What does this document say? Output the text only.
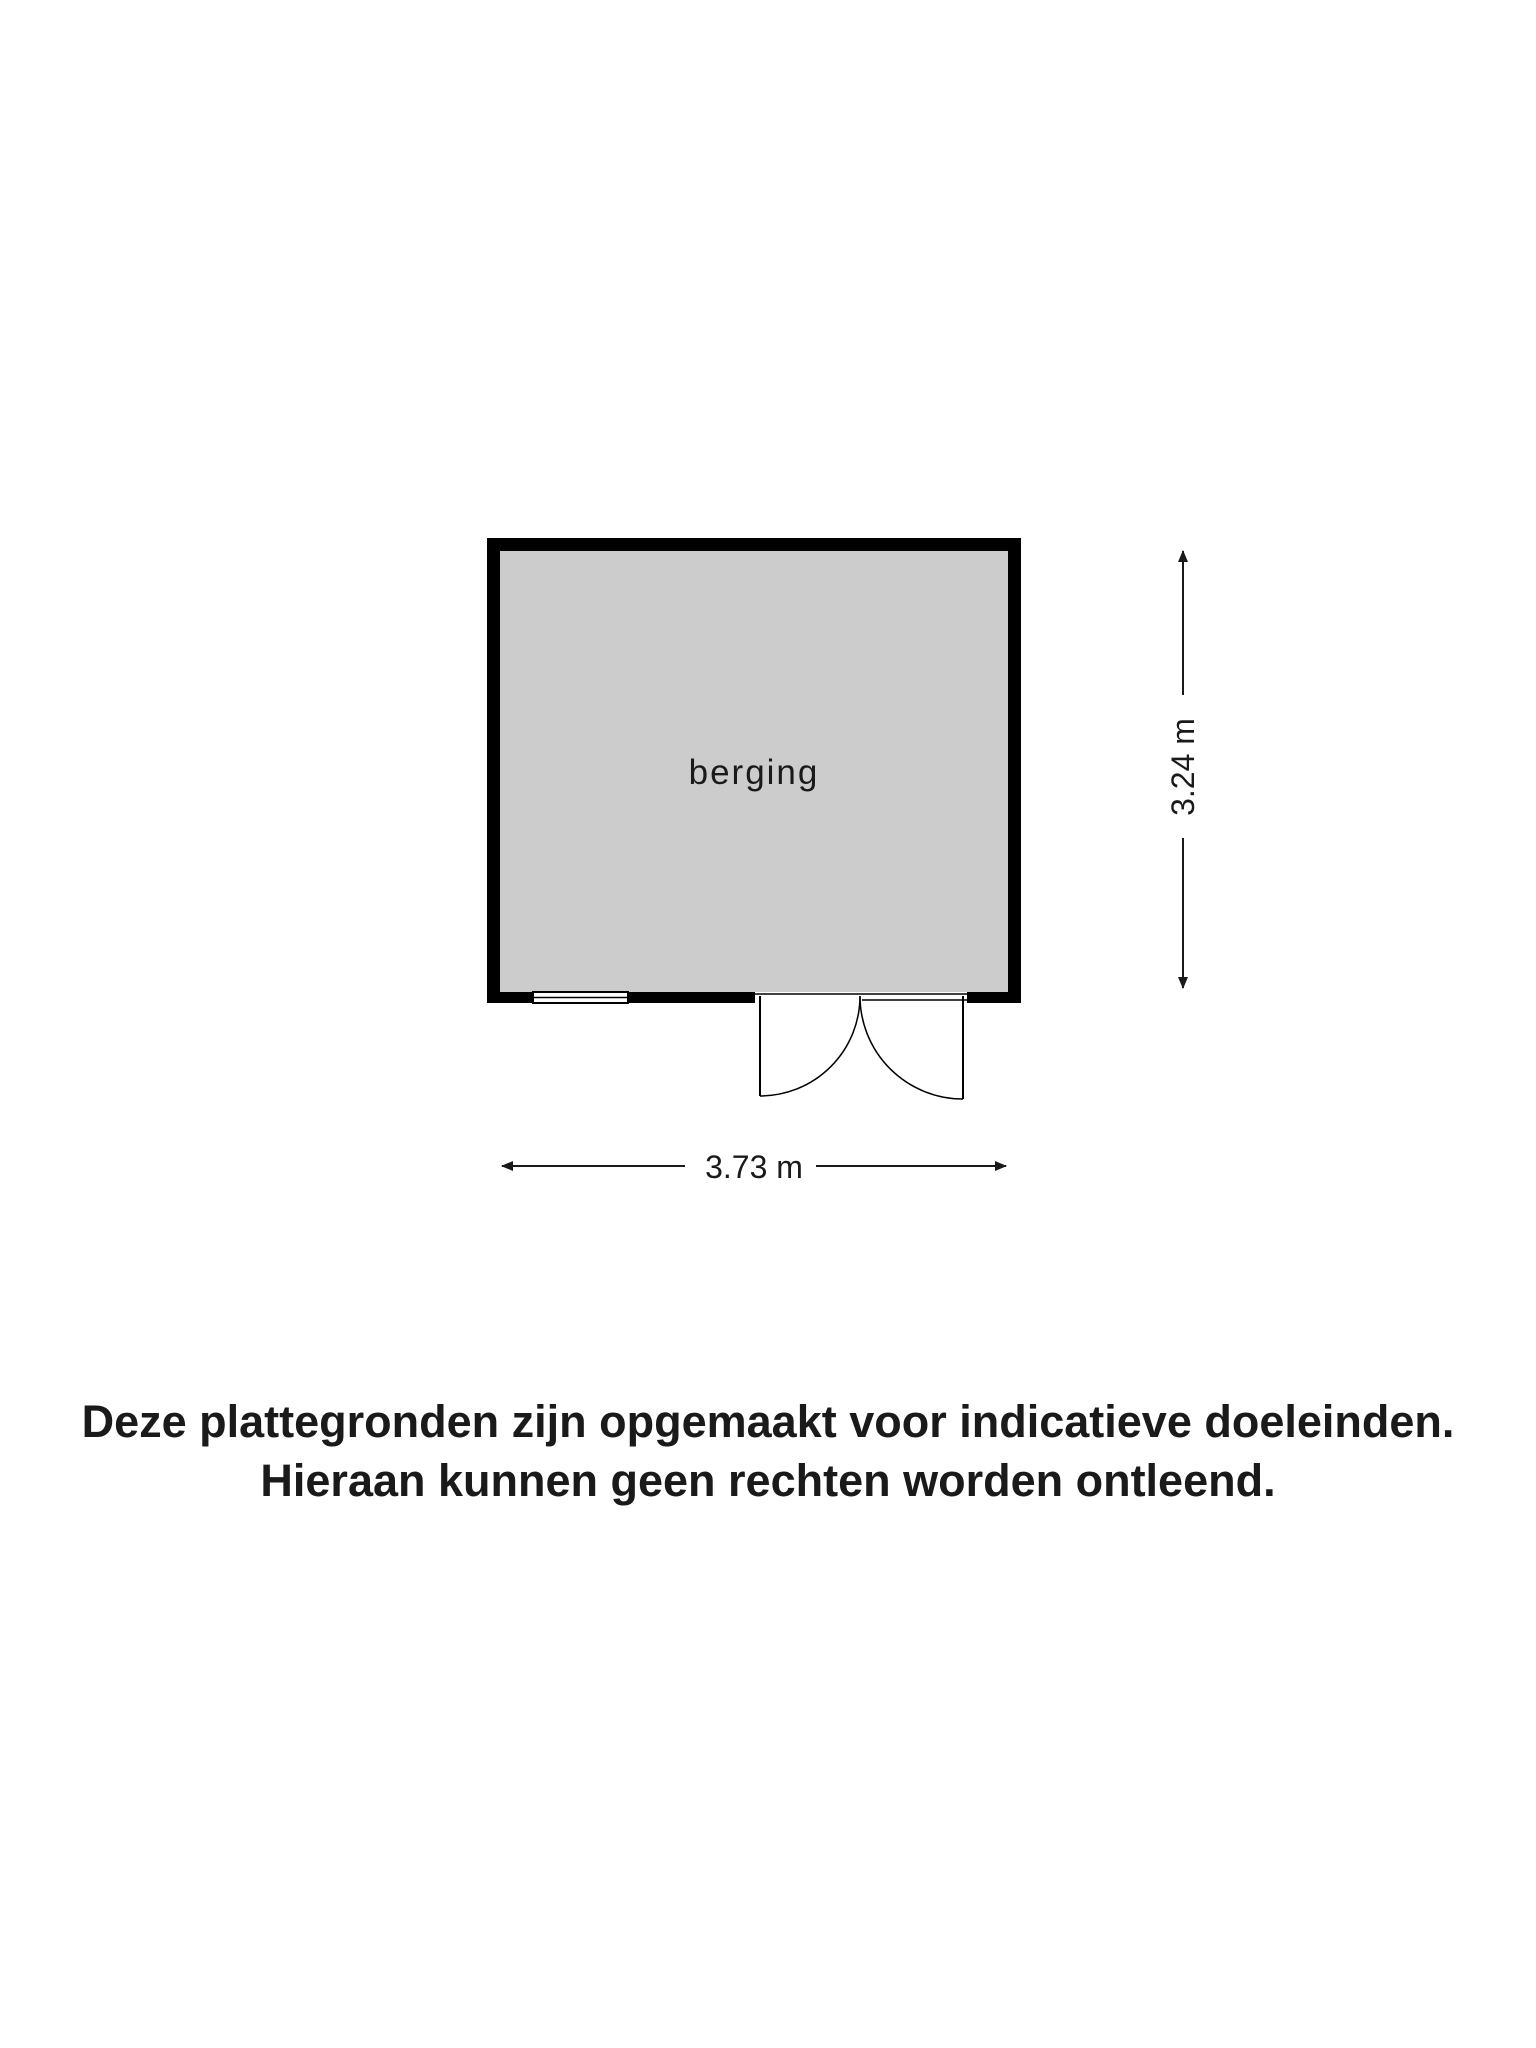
berging
3.73 m
3.24 m
Deze plattegronden zijn opgemaakt voor indicatieve doeleinden.
Hieraan kunnen geen rechten worden ontleend.
